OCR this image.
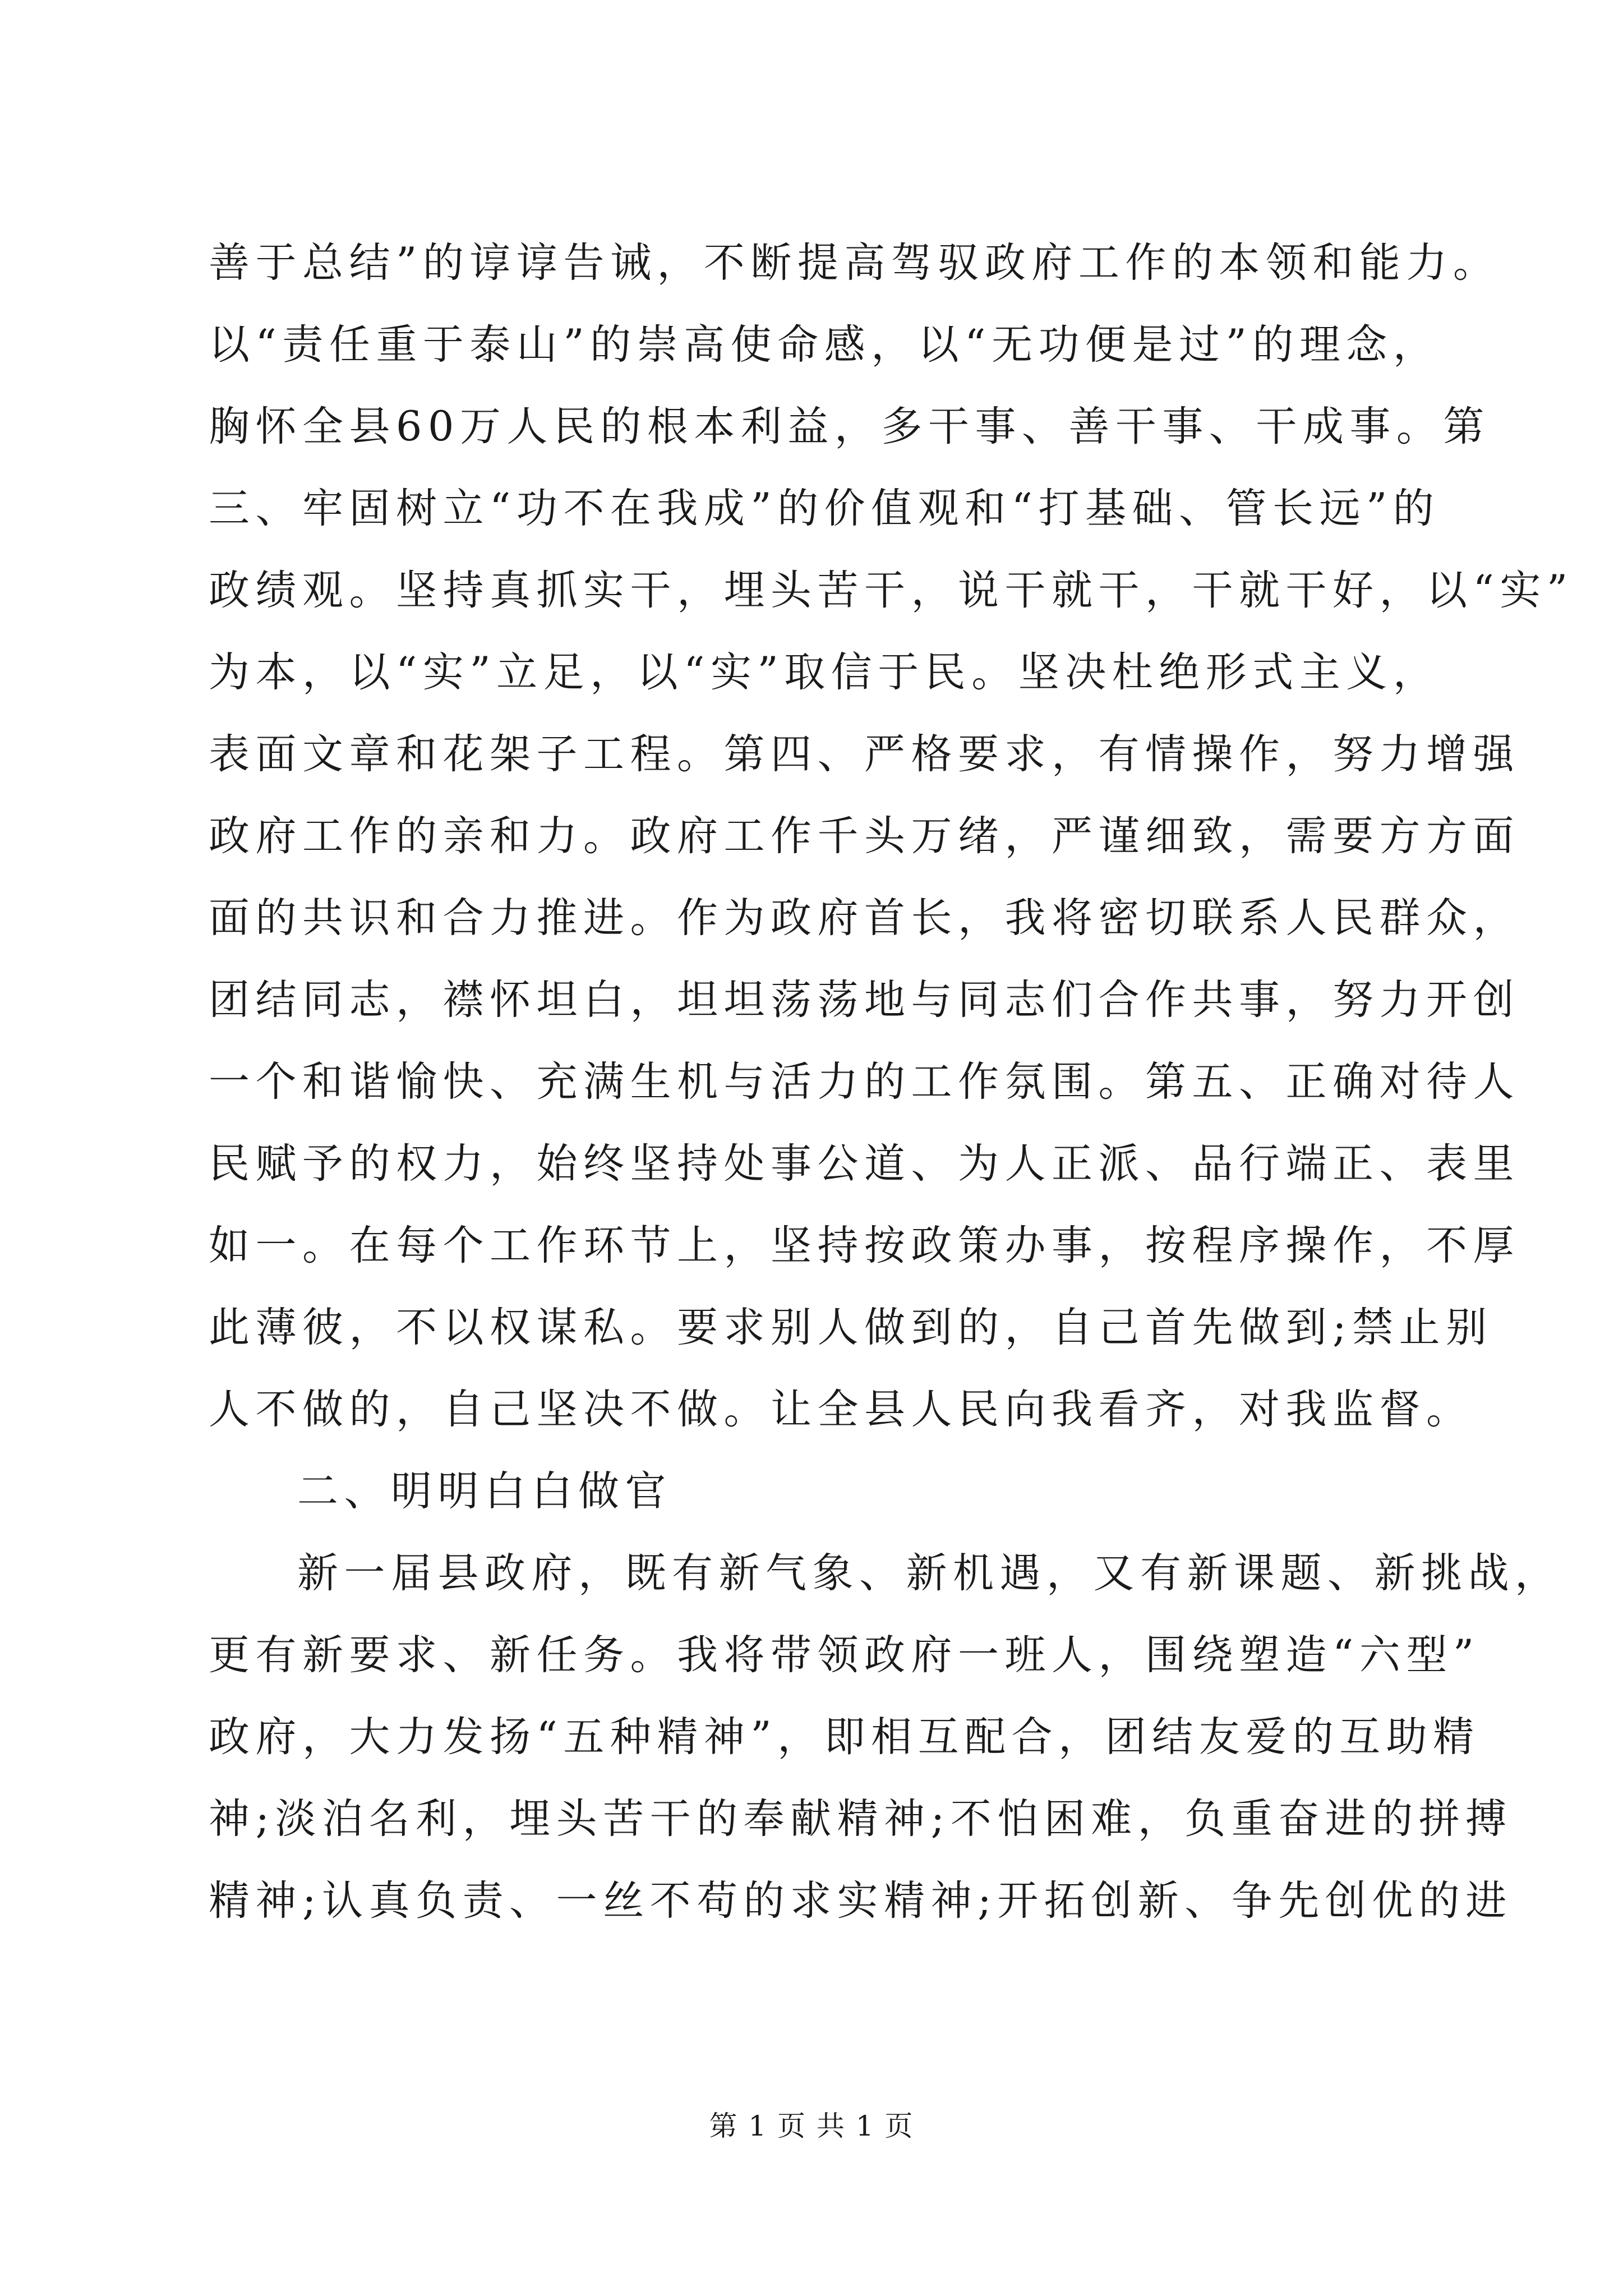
善于总结”的谆谆告诫，不断提高驾驭政府工作的本领和能力。
以“责任重于泰山”的崇高使命感，以“无功便是过”的理念，
胸怀全县60万人民的根本利益，多干事、善干事、干成事。第
三、牢固树立“功不在我成”的价值观和“打基础、管长远”的
政绩观。坚持真抓实干，埋头苦干，说干就干，干就干好，以“实”
为本，以“实”立足，以“实”取信于民。坚决杜绝形式主义，
表面文章和花架子工程。第四、严格要求，有情操作，努力增强
政府工作的亲和力。政府工作千头万绪，严谨细致，需要方方面
面的共识和合力推进。作为政府首长，我将密切联系人民群众，
团结同志，襟怀坦白，坦坦荡荡地与同志们合作共事，努力开创
一个和谐愉快、充满生机与活力的工作氛围。第五、正确对待人
民赋予的权力，始终坚持处事公道、为人正派、品行端正、表里
如一。在每个工作环节上，坚持按政策办事，按程序操作，不厚
此薄彼，不以权谋私。要求别人做到的，自己首先做到;禁止别
人不做的，自己坚决不做。让全县人民向我看齐，对我监督。
二、明明白白做官
新一届县政府，既有新气象、新机遇，又有新课题、新挑战，
更有新要求、新任务。我将带领政府一班人，围绕塑造“六型”
政府，大力发扬“五种精神”，即相互配合，团结友爱的互助精
神;淡泊名利，埋头苦干的奉献精神;不怕困难，负重奋进的拼搏
精神;认真负责、一丝不苟的求实精神;开拓创新、争先创优的进
第 1 页 共 1 页
